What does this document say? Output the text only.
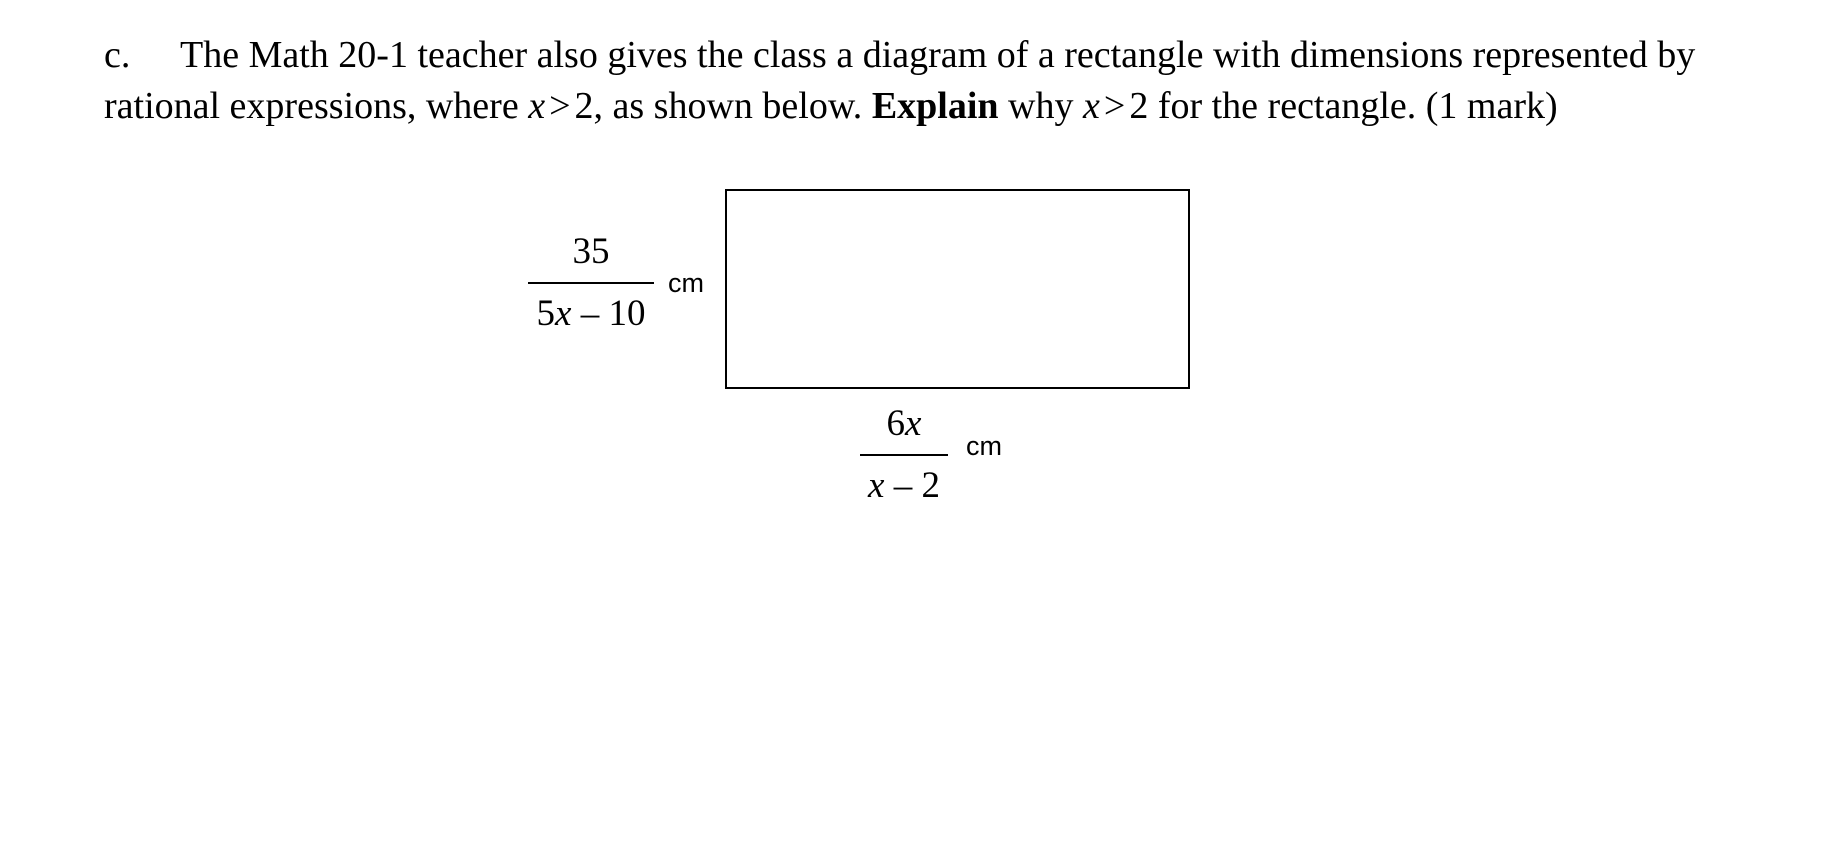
c. The Math 20-1 teacher also gives the class a diagram of a rectangle with dimensions represented by rational expressions, where x > 2, as shown below. Explain why x > 2 for the rectangle. (1 mark)

35
5x – 10
cm
6x
x – 2
cm
